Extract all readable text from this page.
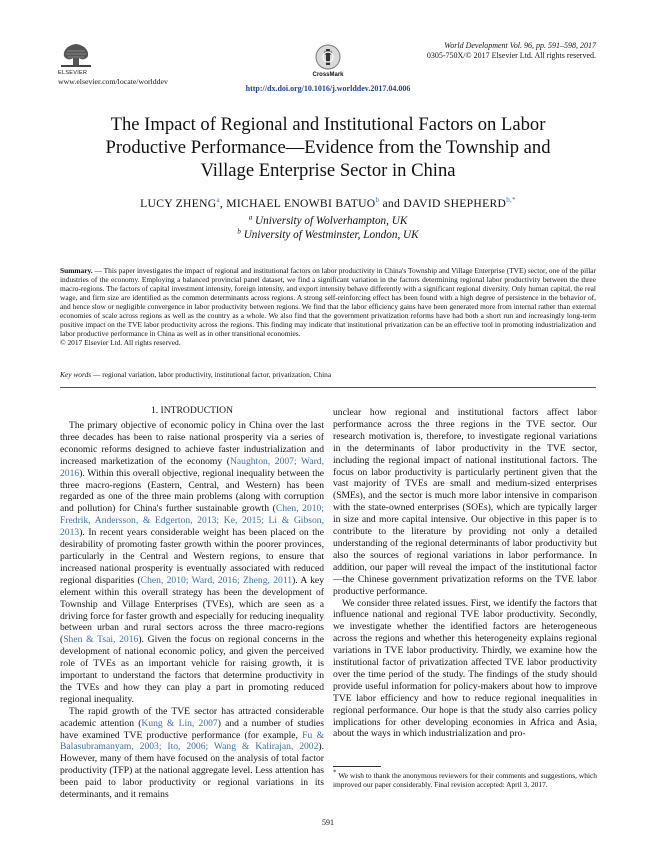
ELSEVIER
www.elsevier.com/locate/worlddev
CrossMark
World Development Vol. 96, pp. 591–598, 2017
0305-750X/© 2017 Elsevier Ltd. All rights reserved.
http://dx.doi.org/10.1016/j.worlddev.2017.04.006
The Impact of Regional and Institutional Factors on Labor
Productive Performance—Evidence from the Township and
Village Enterprise Sector in China
LUCY ZHENG$^a$, MICHAEL ENOWBI BATUO$^b$ and DAVID $SHEPHERD^{b,*}$
$^a$ University of Wolverhampton, UK
$^b$ University of Westminster, London, UK
Summary. — This paper investigates the impact of regional and institutional factors on labor productivity in China's Township and Village Enterprise (TVE) sector, one of the pillar industries of the economy. Employing a balanced provincial panel dataset, we find a significant variation in the factors determining regional labor productivity between the three macro-regions. The factors of capital investment intensity, foreign intensity, and export intensity behave differently with a significant regional diversity. Only human capital, the real wage, and firm size are identified as the common determinants across regions. A strong self-reinforcing effect has been found with a high degree of persistence in the behavior of, and hence slow or negligible convergence in labor productivity between regions. We find that the labor efficiency gains have been generated more from internal rather than external economies of scale across regions as well as the country as a whole. We also find that the government privatization reforms have had both a short run and increasingly long-term positive impact on the TVE labor productivity across the regions. This finding may indicate that institutional privatization can be an effective tool in promoting industrialization and labor productive performance in China as well as in other transitional economies.
© 2017 Elsevier Ltd. All rights reserved.
Key words — regional variation, labor productivity, institutional factor, privatization, China
1. INTRODUCTION

The primary objective of economic policy in China over the last three decades has been to raise national prosperity via a series of economic reforms designed to achieve faster industrialization and increased marketization of the economy (Naughton, 2007; Ward, 2016). Within this overall objective, regional inequality between the three macro-regions (Eastern, Central, and Western) has been regarded as one of the three main problems (along with corruption and pollution) for China's further sustainable growth (Chen, 2010; Fredrik, Andersson, & Edgerton, 2013; Ke, 2015; Li & Gibson, 2013). In recent years considerable weight has been placed on the desirability of promoting faster growth within the poorer provinces, particularly in the Central and Western regions, to ensure that increased national prosperity is eventually associated with reduced regional disparities (Chen, 2010; Ward, 2016; Zheng, 2011). A key element within this overall strategy has been the development of Township and Village Enterprises (TVEs), which are seen as a driving force for faster growth and especially for reducing inequality between urban and rural sectors across the three macro-regions (Shen & Tsai, 2016). Given the focus on regional concerns in the development of national economic policy, and given the perceived role of TVEs as an important vehicle for raising growth, it is important to understand the factors that determine productivity in the TVEs and how they can play a part in promoting reduced regional inequality.

The rapid growth of the TVE sector has attracted considerable academic attention (Kung & Lin, 2007) and a number of studies have examined TVE productive performance (for example, Fu & Balasubramanyam, 2003; Ito, 2006; Wang & Kalirajan, 2002). However, many of them have focused on the analysis of total factor productivity (TFP) at the national aggregate level. Less attention has been paid to labor productivity or regional variations in its determinants, and it remains

unclear how regional and institutional factors affect labor performance across the three regions in the TVE sector. Our research motivation is, therefore, to investigate regional variations in the determinants of labor productivity in the TVE sector, including the regional impact of national institutional factors. The focus on labor productivity is particularly pertinent given that the vast majority of TVEs are small and medium-sized enterprises (SMEs), and the sector is much more labor intensive in comparison with the state-owned enterprises (SOEs), which are typically larger in size and more capital intensive. Our objective in this paper is to contribute to the literature by providing not only a detailed understanding of the regional determinants of labor productivity but also the sources of regional variations in labor performance. In addition, our paper will reveal the impact of the institutional factor—the Chinese government privatization reforms on the TVE labor productive performance.

We consider three related issues. First, we identify the factors that influence national and regional TVE labor productivity. Secondly, we investigate whether the identified factors are heterogeneous across the regions and whether this heterogeneity explains regional variations in TVE labor productivity. Thirdly, we examine how the institutional factor of privatization affected TVE labor productivity over the time period of the study. The findings of the study should provide useful information for policy-makers about how to improve TVE labor efficiency and how to reduce regional inequalities in regional performance. Our hope is that the study also carries policy implications for other developing economies in Africa and Asia, about the ways in which industrialization and pro-

* We wish to thank the anonymous reviewers for their comments and suggestions, which improved our paper considerably. Final revision accepted: April 3, 2017.
591
